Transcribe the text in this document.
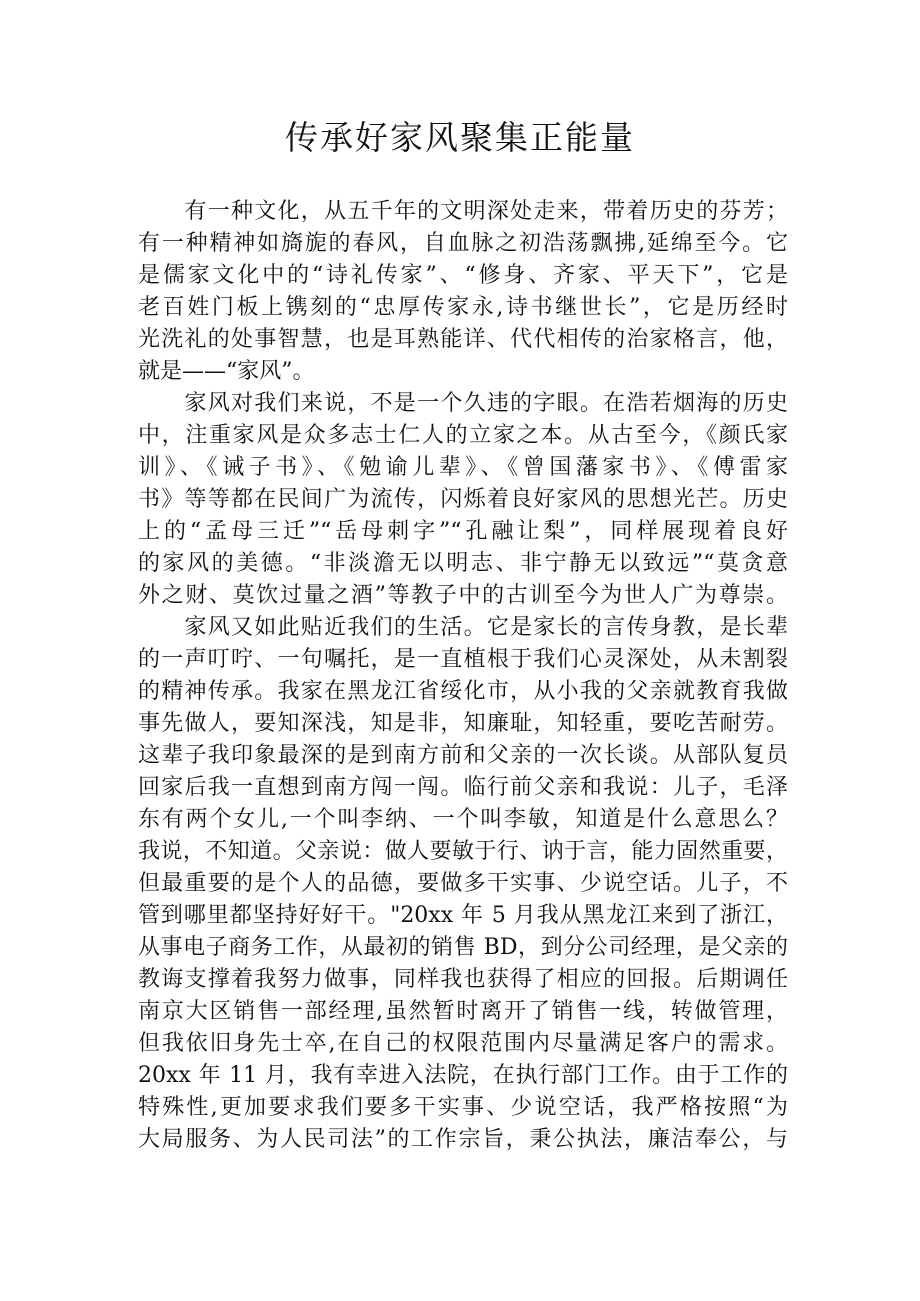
传承好家风聚集正能量
　　有一种文化，从五千年的文明深处走来，带着历史的芬芳；
有一种精神如旖旎的春风，自血脉之初浩荡飘拂,延绵至今。它
是儒家文化中的“诗礼传家”、“修身、齐家、平天下”，它是
老百姓门板上镌刻的“忠厚传家永,诗书继世长”，它是历经时
光洗礼的处事智慧，也是耳熟能详、代代相传的治家格言，他，
就是——“家风”。
　　家风对我们来说，不是一个久违的字眼。在浩若烟海的历史
中，注重家风是众多志士仁人的立家之本。从古至今，《颜氏家
训》、《诫子书》、《勉谕儿辈》、《曾国藩家书》、《傅雷家
书》等等都在民间广为流传，闪烁着良好家风的思想光芒。历史
上的“孟母三迁”“岳母刺字”“孔融让梨”，同样展现着良好
的家风的美德。“非淡澹无以明志、非宁静无以致远”“莫贪意
外之财、莫饮过量之酒”等教子中的古训至今为世人广为尊崇。
　　家风又如此贴近我们的生活。它是家长的言传身教，是长辈
的一声叮咛、一句嘱托，是一直植根于我们心灵深处，从未割裂
的精神传承。我家在黑龙江省绥化市，从小我的父亲就教育我做
事先做人，要知深浅，知是非，知廉耻，知轻重，要吃苦耐劳。
这辈子我印象最深的是到南方前和父亲的一次长谈。从部队复员
回家后我一直想到南方闯一闯。临行前父亲和我说：儿子，毛泽
东有两个女儿,一个叫李纳、一个叫李敏，知道是什么意思么？
我说，不知道。父亲说：做人要敏于行、讷于言，能力固然重要，
但最重要的是个人的品德，要做多干实事、少说空话。儿子，不
管到哪里都坚持好好干。"20xx 年 5 月我从黑龙江来到了浙江，
从事电子商务工作，从最初的销售 BD，到分公司经理，是父亲的
教诲支撑着我努力做事，同样我也获得了相应的回报。后期调任
南京大区销售一部经理,虽然暂时离开了销售一线，转做管理，
但我依旧身先士卒,在自己的权限范围内尽量满足客户的需求。
20xx 年 11 月，我有幸进入法院，在执行部门工作。由于工作的
特殊性,更加要求我们要多干实事、少说空话，我严格按照“为
大局服务、为人民司法”的工作宗旨，秉公执法，廉洁奉公，与
